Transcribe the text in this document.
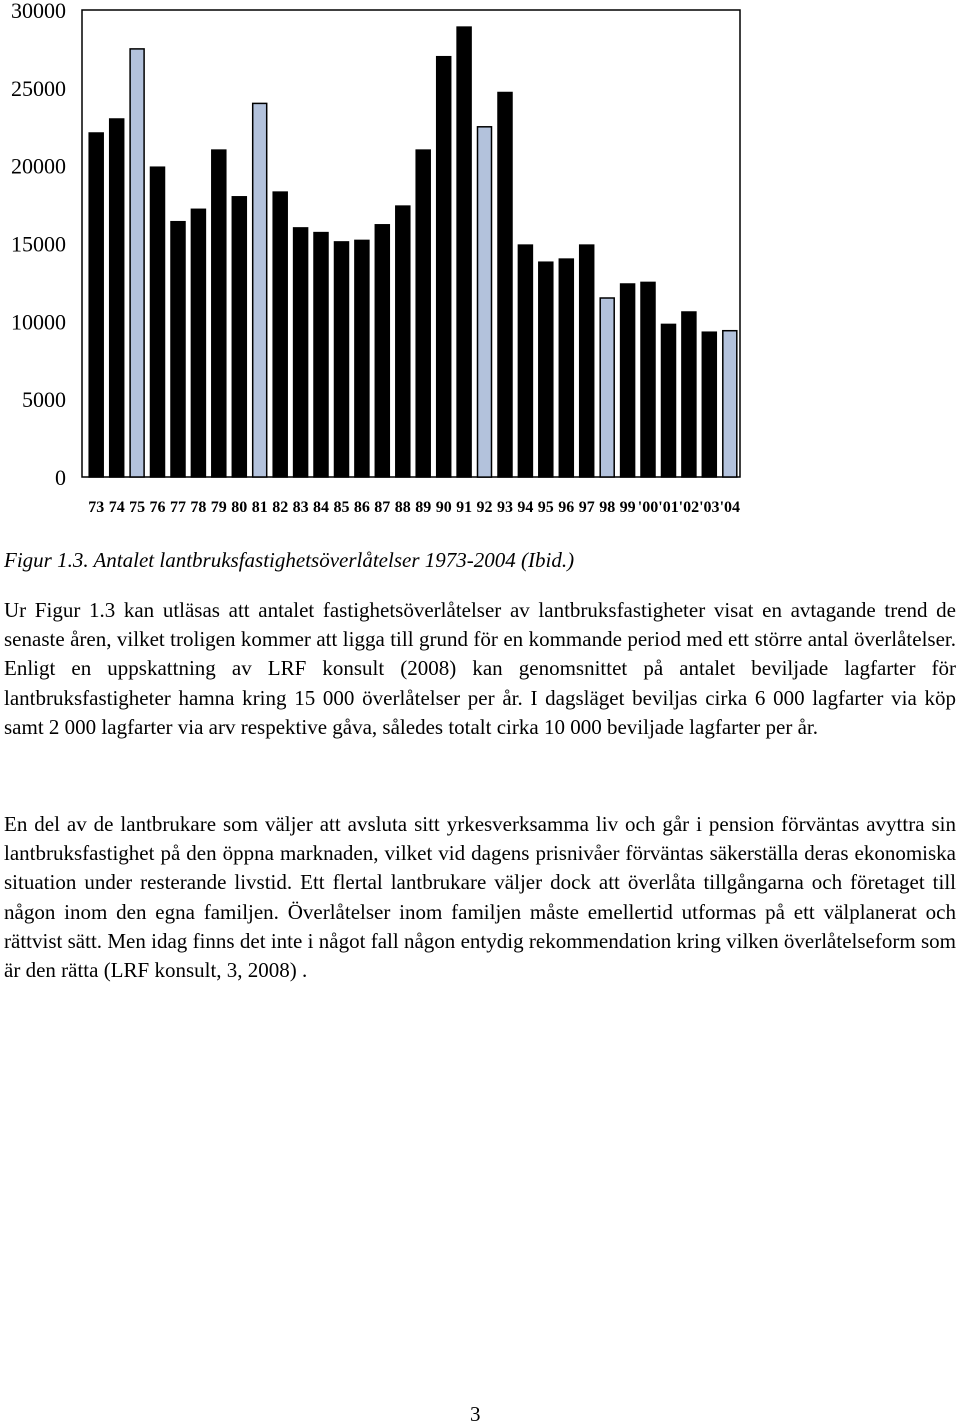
0
5000
10000
15000
20000
25000
30000
73 74 75 76 77 78 79 80 81 82 83 84 85 86 87 88 89 90 91 92 93 94 95 96 97 98 99 '00 '01 '02 '03 '04
Figur 1.3. Antalet lantbruksfastighetsöverlåtelser 1973-2004 (Ibid.)

Ur Figur 1.3 kan utläsas att antalet fastighetsöverlåtelser av lantbruksfastigheter visat en avtagande trend de senaste åren, vilket troligen kommer att ligga till grund för en kommande period med ett större antal överlåtelser. Enligt en uppskattning av LRF konsult (2008) kan genomsnittet på antalet beviljade lagfarter för lantbruksfastigheter hamna kring 15 000 överlåtelser per år. I dagsläget beviljas cirka 6 000 lagfarter via köp samt 2 000 lagfarter via arv respektive gåva, således totalt cirka 10 000 beviljade lagfarter per år.

En del av de lantbrukare som väljer att avsluta sitt yrkesverksamma liv och går i pension förväntas avyttra sin lantbruksfastighet på den öppna marknaden, vilket vid dagens prisnivåer förväntas säkerställa deras ekonomiska situation under resterande livstid. Ett flertal lantbrukare väljer dock att överlåta tillgångarna och företaget till någon inom den egna familjen. Överlåtelser inom familjen måste emellertid utformas på ett välplanerat och rättvist sätt. Men idag finns det inte i något fall någon entydig rekommendation kring vilken överlåtelseform som är den rätta (LRF konsult, 3, 2008) .

3
